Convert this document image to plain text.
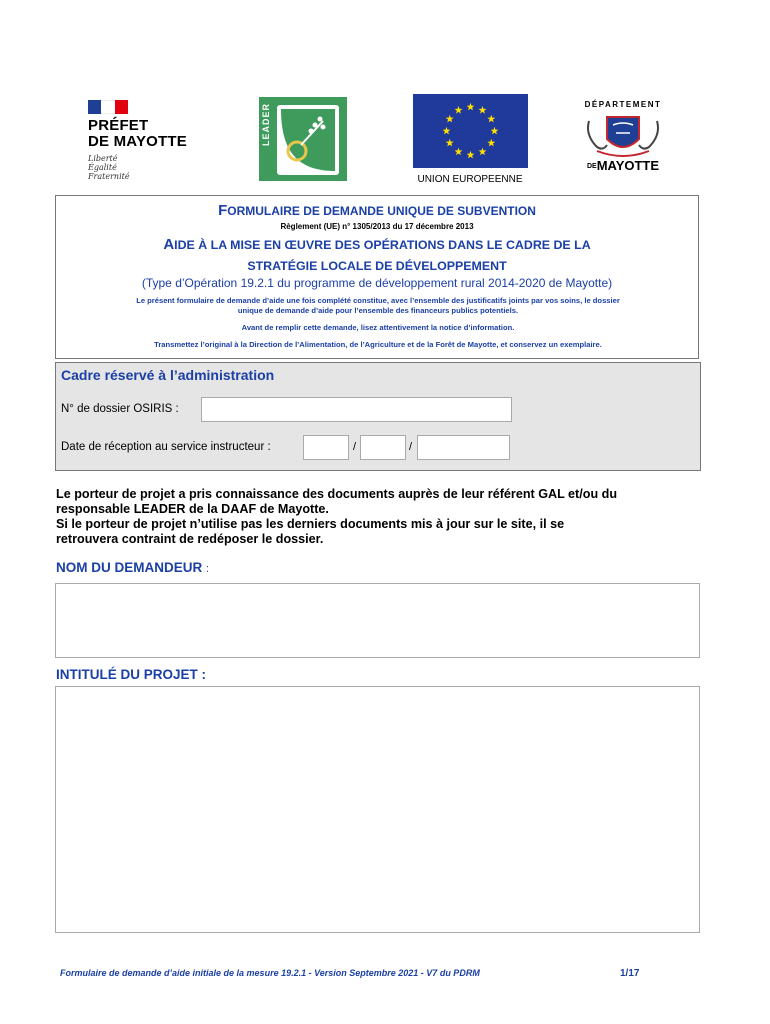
PRÉFET
DE MAYOTTE
Liberté
Égalité
Fraternité
LEADER
UNION EUROPEENNE
DÉPARTEMENT
DEMAYOTTE
FORMULAIRE DE DEMANDE UNIQUE DE SUBVENTION
Règlement (UE) n° 1305/2013 du 17 décembre 2013
AIDE À LA MISE EN ŒUVRE DES OPÉRATIONS DANS LE CADRE DE LA
STRATÉGIE LOCALE DE DÉVELOPPEMENT
(Type d’Opération 19.2.1 du programme de développement rural 2014-2020 de Mayotte)
Le présent formulaire de demande d’aide une fois complété constitue, avec l’ensemble des justificatifs joints par vos soins, le dossier
unique de demande d’aide pour l’ensemble des financeurs publics potentiels.
Avant de remplir cette demande, lisez attentivement la notice d’information.
Transmettez l’original à la Direction de l’Alimentation, de l’Agriculture et de la Forêt de Mayotte, et conservez un exemplaire.
Cadre réservé à l’administration
N° de dossier OSIRIS :
Date de réception au service instructeur :	/	/
Le porteur de projet a pris connaissance des documents auprès de leur référent GAL et/ou du
responsable LEADER de la DAAF de Mayotte.
Si le porteur de projet n’utilise pas les derniers documents mis à jour sur le site, il se
retrouvera contraint de redéposer le dossier.
NOM DU DEMANDEUR :
INTITULÉ DU PROJET :
Formulaire de demande d’aide initiale de la mesure 19.2.1 - Version Septembre 2021 - V7 du PDRM	1/17
